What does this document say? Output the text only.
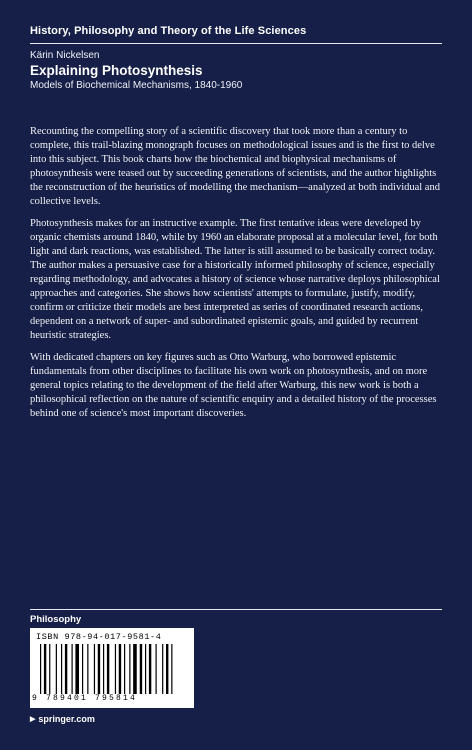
History, Philosophy and Theory of the Life Sciences
Kärin Nickelsen
Explaining Photosynthesis
Models of Biochemical Mechanisms, 1840-1960

Recounting the compelling story of a scientific discovery that took more than a century to complete, this trail-blazing monograph focuses on methodological issues and is the first to delve into this subject. This book charts how the biochemical and biophysical mechanisms of photosynthesis were teased out by succeeding generations of scientists, and the author highlights the reconstruction of the heuristics of modelling the mechanism—analyzed at both individual and collective levels.

Photosynthesis makes for an instructive example. The first tentative ideas were developed by organic chemists around 1840, while by 1960 an elaborate proposal at a molecular level, for both light and dark reactions, was established. The latter is still assumed to be basically correct today. The author makes a persuasive case for a historically informed philosophy of science, especially regarding methodology, and advocates a history of science whose narrative deploys philosophical approaches and categories. She shows how scientists' attempts to formulate, justify, modify, confirm or criticize their models are best interpreted as series of coordinated research actions, dependent on a network of super- and subordinated epistemic goals, and guided by recurrent heuristic strategies.

With dedicated chapters on key figures such as Otto Warburg, who borrowed epistemic fundamentals from other disciplines to facilitate his own work on photosynthesis, and on more general topics relating to the development of the field after Warburg, this new work is both a philosophical reflection on the nature of scientific enquiry and a detailed history of the processes behind one of science's most important discoveries.

Philosophy
ISBN 978-94-017-9581-4
9 789401 795814
▶ springer.com
